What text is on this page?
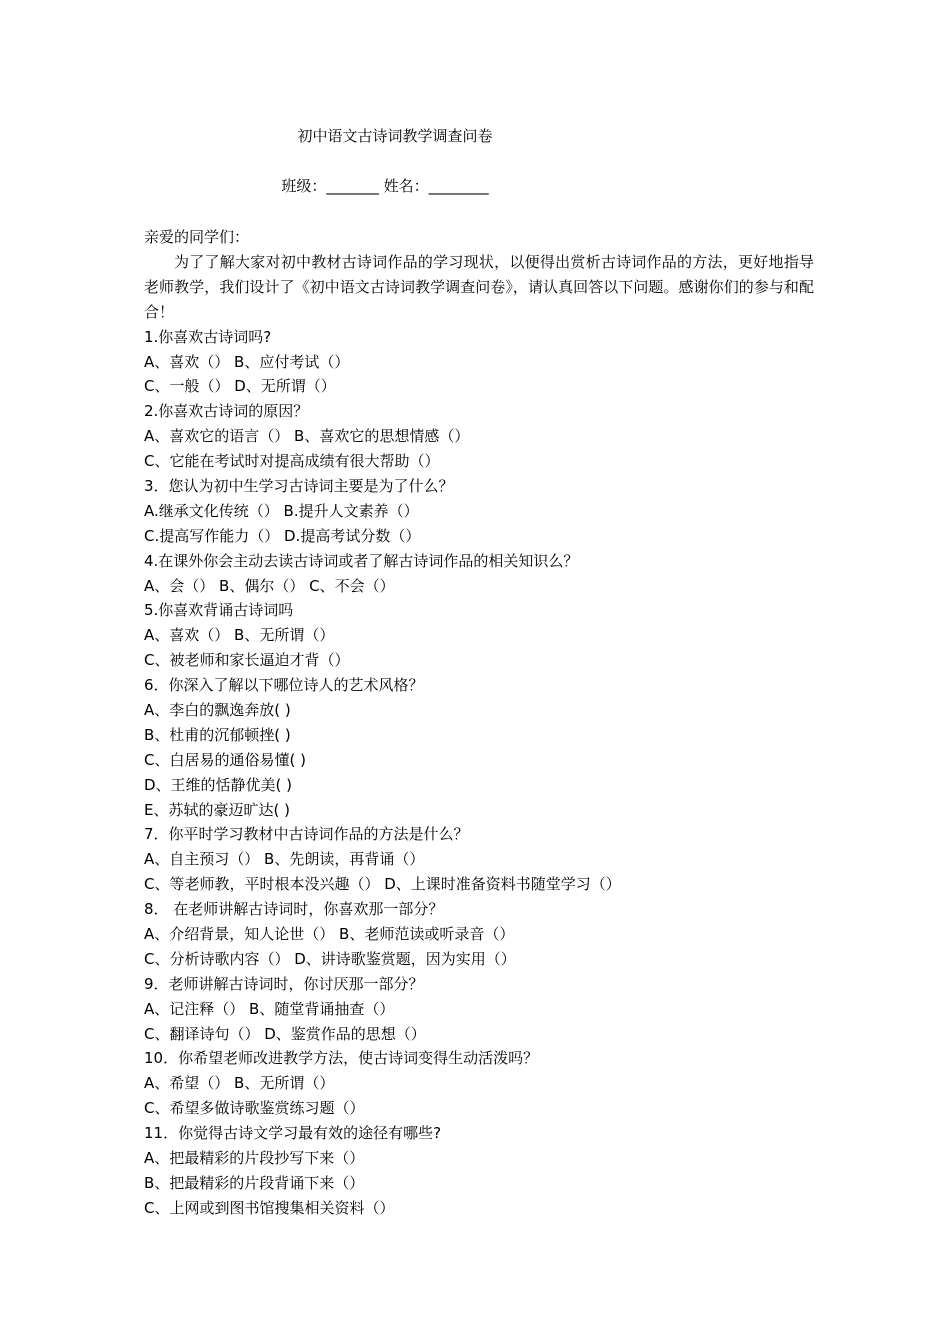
初中语文古诗词教学调查问卷
班级：_______ 姓名：________
亲爱的同学们：
为了了解大家对初中教材古诗词作品的学习现状，以便得出赏析古诗词作品的方法，更好地指导老师教学，我们设计了《初中语文古诗词教学调查问卷》，请认真回答以下问题。感谢你们的参与和配合！
1.你喜欢古诗词吗?
A、喜欢（） B、应付考试（）
C、一般（） D、无所谓（）
2.你喜欢古诗词的原因？
A、喜欢它的语言（） B、喜欢它的思想情感（）
C、它能在考试时对提高成绩有很大帮助（）
3．您认为初中生学习古诗词主要是为了什么？
A.继承文化传统（） B.提升人文素养（）
C.提高写作能力（） D.提高考试分数（）
4.在课外你会主动去读古诗词或者了解古诗词作品的相关知识么？
A、会（） B、偶尔（） C、不会（）
5.你喜欢背诵古诗词吗
A、喜欢（） B、无所谓（）
C、被老师和家长逼迫才背（）
6．你深入了解以下哪位诗人的艺术风格？
A、李白的飘逸奔放( )
B、杜甫的沉郁顿挫( )
C、白居易的通俗易懂( )
D、王维的恬静优美( )
E、苏轼的豪迈旷达( )
7．你平时学习教材中古诗词作品的方法是什么？
A、自主预习（） B、先朗读，再背诵（）
C、等老师教，平时根本没兴趣（） D、上课时准备资料书随堂学习（）
8． 在老师讲解古诗词时，你喜欢那一部分？
A、介绍背景，知人论世（） B、老师范读或听录音（）
C、分析诗歌内容（） D、讲诗歌鉴赏题，因为实用（）
9．老师讲解古诗词时，你讨厌那一部分？
A、记注释（） B、随堂背诵抽查（）
C、翻译诗句（） D、鉴赏作品的思想（）
10．你希望老师改进教学方法，使古诗词变得生动活泼吗？
A、希望（） B、无所谓（）
C、希望多做诗歌鉴赏练习题（）
11．你觉得古诗文学习最有效的途径有哪些?
A、把最精彩的片段抄写下来（）
B、把最精彩的片段背诵下来（）
C、上网或到图书馆搜集相关资料（）
